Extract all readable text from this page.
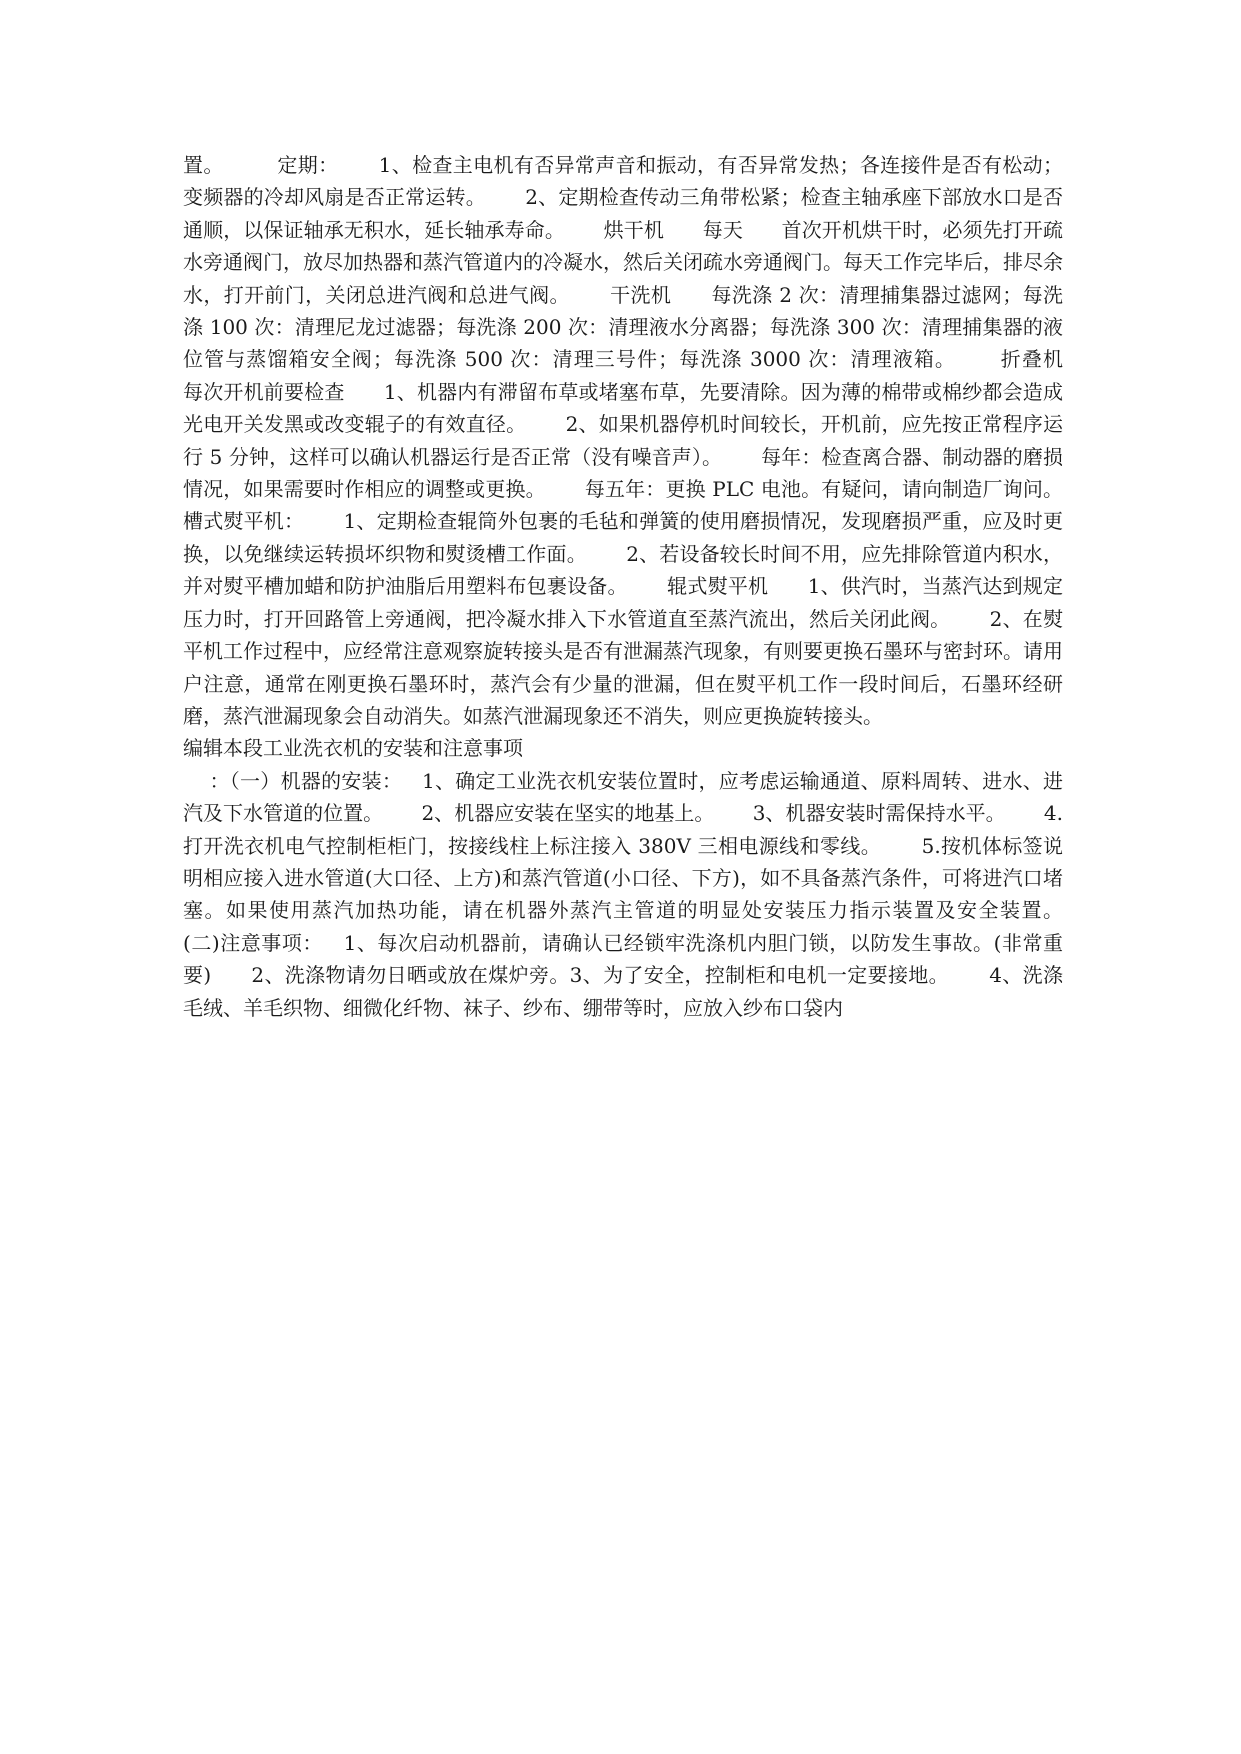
置。        定期：      1、检查主电机有否异常声音和振动，有否异常发热；各连接件是否有松动；变频器的冷却风扇是否正常运转。      2、定期检查传动三角带松紧；检查主轴承座下部放水口是否通顺，以保证轴承无积水，延长轴承寿命。      烘干机      每天      首次开机烘干时，必须先打开疏水旁通阀门，放尽加热器和蒸汽管道内的冷凝水，然后关闭疏水旁通阀门。每天工作完毕后，排尽余水，打开前门，关闭总进汽阀和总进气阀。      干洗机      每洗涤 2 次：清理捕集器过滤网；每洗涤 100 次：清理尼龙过滤器；每洗涤 200 次：清理液水分离器；每洗涤 300 次：清理捕集器的液位管与蒸馏箱安全阀；每洗涤 500 次：清理三号件；每洗涤 3000 次：清理液箱。      折叠机      每次开机前要检查      1、机器内有滞留布草或堵塞布草，先要清除。因为薄的棉带或棉纱都会造成光电开关发黑或改变辊子的有效直径。      2、如果机器停机时间较长，开机前，应先按正常程序运行 5 分钟，这样可以确认机器运行是否正常（没有噪音声）。      每年：检查离合器、制动器的磨损情况，如果需要时作相应的调整或更换。      每五年：更换 PLC 电池。有疑问，请向制造厂询问。      槽式熨平机：      1、定期检查辊筒外包裹的毛毡和弹簧的使用磨损情况，发现磨损严重，应及时更换，以免继续运转损坏织物和熨烫槽工作面。      2、若设备较长时间不用，应先排除管道内积水，并对熨平槽加蜡和防护油脂后用塑料布包裹设备。      辊式熨平机      1、供汽时，当蒸汽达到规定压力时，打开回路管上旁通阀，把冷凝水排入下水管道直至蒸汽流出，然后关闭此阀。      2、在熨平机工作过程中，应经常注意观察旋转接头是否有泄漏蒸汽现象，有则要更换石墨环与密封环。请用户注意，通常在刚更换石墨环时，蒸汽会有少量的泄漏，但在熨平机工作一段时间后，石墨环经研磨，蒸汽泄漏现象会自动消失。如蒸汽泄漏现象还不消失，则应更换旋转接头。

编辑本段工业洗衣机的安装和注意事项

：（一）机器的安装：   1、确定工业洗衣机安装位置时，应考虑运输通道、原料周转、进水、进汽及下水管道的位置。      2、机器应安装在坚实的地基上。      3、机器安装时需保持水平。      4.打开洗衣机电气控制柜柜门，按接线柱上标注接入 380V 三相电源线和零线。      5.按机体标签说明相应接入进水管道(大口径、上方)和蒸汽管道(小口径、下方)，如不具备蒸汽条件，可将进汽口堵塞。如果使用蒸汽加热功能，请在机器外蒸汽主管道的明显处安装压力指示装置及安全装置。      (二)注意事项：   1、每次启动机器前，请确认已经锁牢洗涤机内胆门锁，以防发生事故。(非常重要)      2、洗涤物请勿日晒或放在煤炉旁。3、为了安全，控制柜和电机一定要接地。      4、洗涤毛绒、羊毛织物、细微化纤物、袜子、纱布、绷带等时，应放入纱布口袋内
